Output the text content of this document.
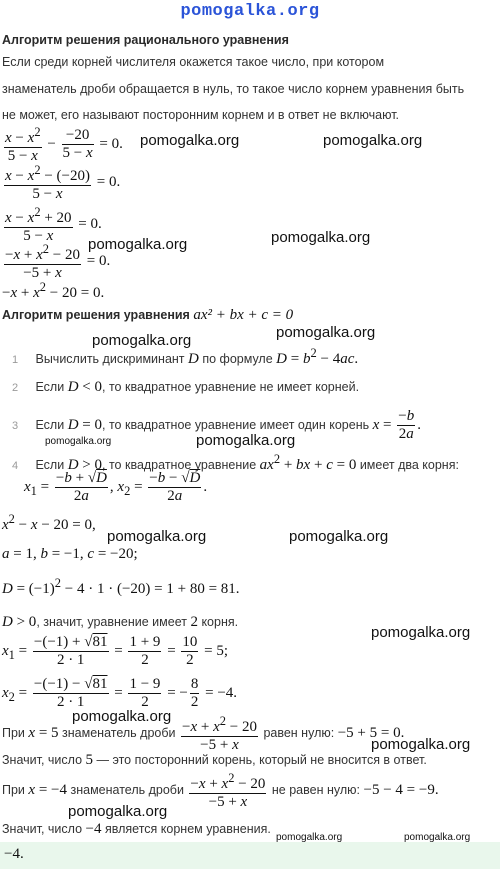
pomogalka.org
Алгоритм решения рационального уравнения
Если среди корней числителя окажется такое число, при котором
знаменатель дроби обращается в нуль, то такое число корнем уравнения быть
не может, его называют посторонним корнем и в ответ не включают.
$\frac{x - x^2}{5 - x} - \frac{-20}{5 - x} = 0$.
$\frac{x - x^2 - (-20)}{5 - x} = 0$.
$\frac{x - x^2 + 20}{5 - x} = 0$.
$\frac{-x + x^2 - 20}{-5 + x} = 0$.
$-x + x^2 - 20 = 0$.
Алгоритм решения уравнения ax² + bx + c = 0
1 Вычислить дискриминант D по формуле $D = b^2 - 4ac$.
2 Если D < 0, то квадратное уравнение не имеет корней.
3 Если D = 0, то квадратное уравнение имеет один корень $x = \frac{-b}{2a}$ .
4 Если D > 0, то квадратное уравнение $ax^2$ + bx + c = 0 имеет два корня:
$x_1 = \frac{-b + √D}{2a}$ , $x_2 = \frac{-b - √D}{2a}$ .
$x^2 - x - 20 = 0$,
a = 1, b = −1, c = −20;
$D = (-1)^2 - 4 \cdot 1 \cdot (-20) = 1 + 80 = 81$.
D > 0, значит, уравнение имеет 2 корня.
$x_1 = \frac{-(-1) + √81}{2 \cdot 1} = \frac{1 + 9}{2} = \frac{10}{2} = 5$;
$x_2 = \frac{-(-1) - √81}{2 \cdot 1} = \frac{1 - 9}{2}$ = − $\frac{8}{2} = -4$.
При x = 5 знаменатель дроби $\frac{-x + x^2 - 20}{-5 + x}$ равен нулю: −5 + 5 = 0.
Значит, число 5 — это посторонний корень, который не вносится в ответ.
При x = −4 знаменатель дроби $\frac{-x + x^2 - 20}{-5 + x}$ не равен нулю: −5 − 4 = −9.
Значит, число −4 является корнем уравнения.
−4.
pomogalka.org	pomogalka.org
pomogalka.org	pomogalka.org
pomogalka.org	pomogalka.org
pomogalka.org	pomogalka.org
pomogalka.org	pomogalka.org
pomogalka.org
pomogalka.org
pomogalka.org
pomogalka.org
pomogalka.org	pomogalka.org
